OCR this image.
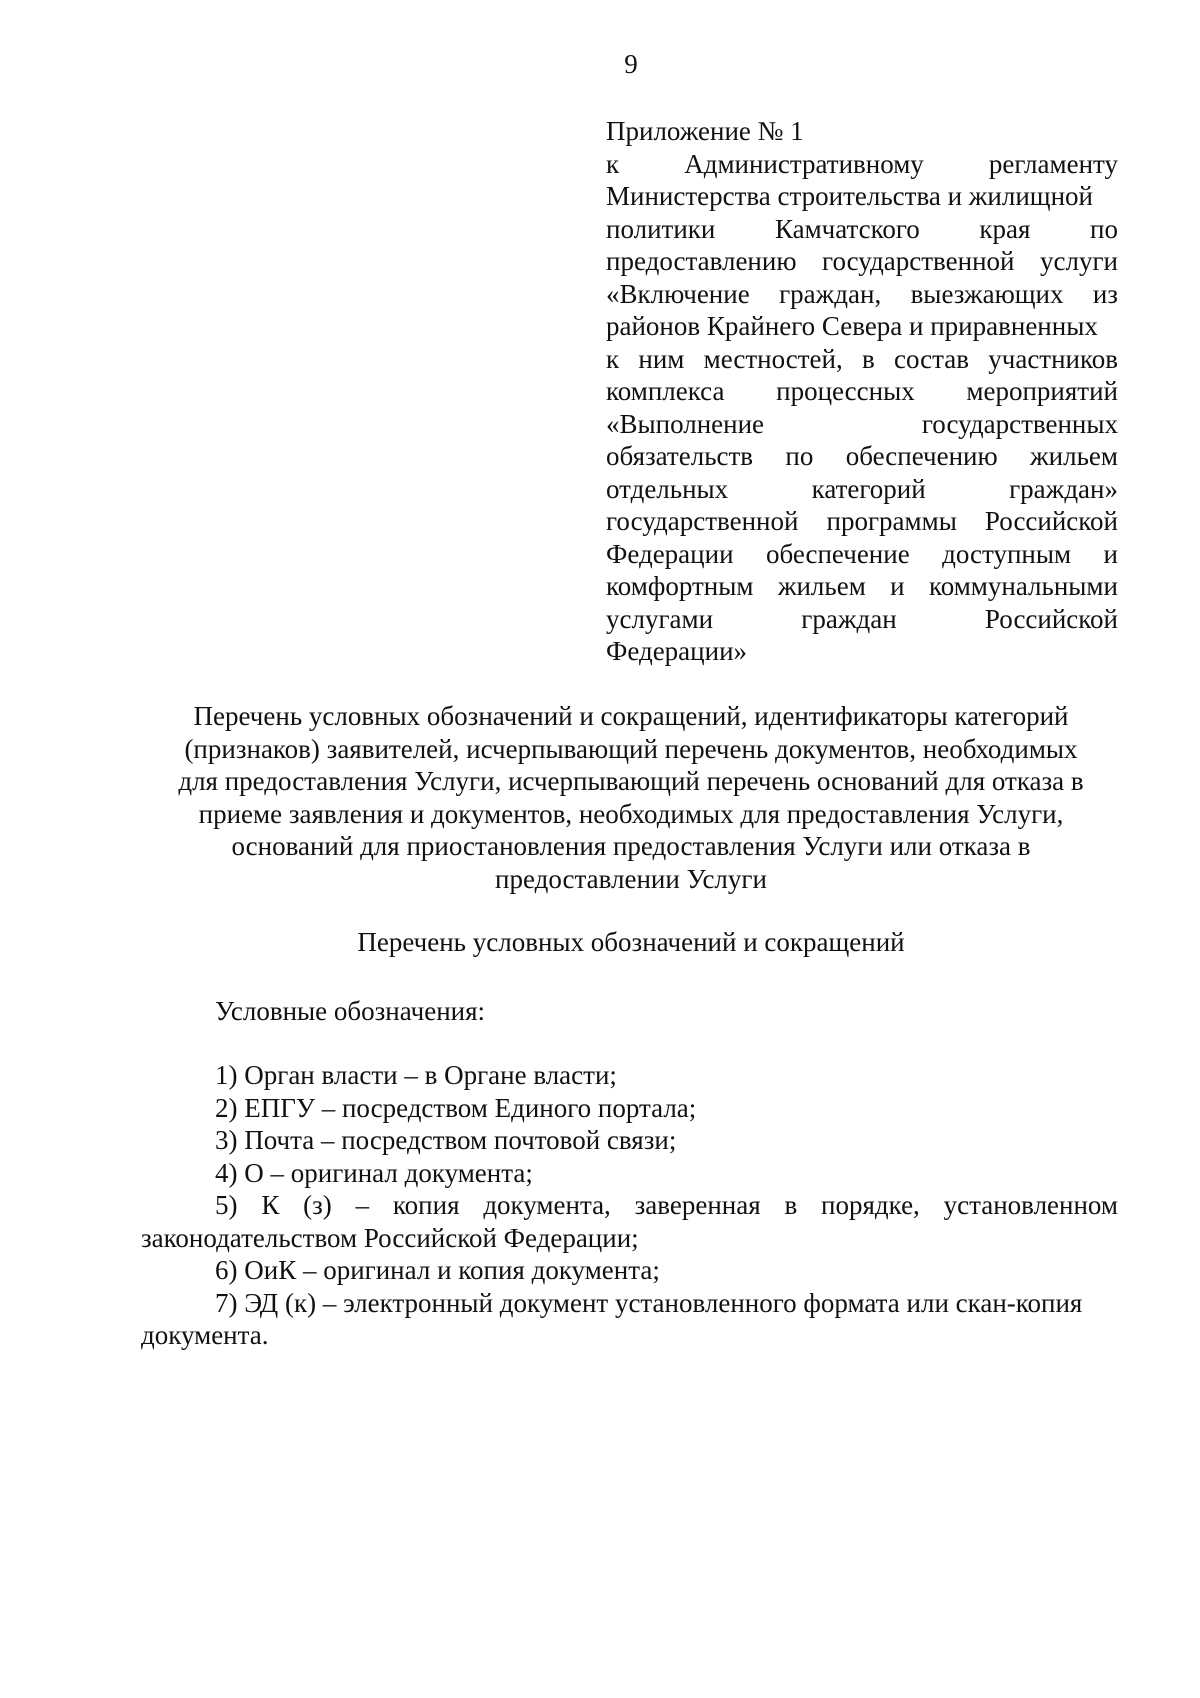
9
Приложение № 1
к Административному регламенту
Министерства строительства и жилищной
политики Камчатского края по
предоставлению государственной услуги
«Включение граждан, выезжающих из
районов Крайнего Севера и приравненных
к ним местностей, в состав участников
комплекса процессных мероприятий
«Выполнение	государственных
обязательств по обеспечению жильем
отдельных	категорий	граждан»
государственной программы Российской
Федерации обеспечение доступным и
комфортным жильем и коммунальными
услугами	граждан	Российской
Федерации»
Перечень условных обозначений и сокращений, идентификаторы категорий
(признаков) заявителей, исчерпывающий перечень документов, необходимых
для предоставления Услуги, исчерпывающий перечень оснований для отказа в
приеме заявления и документов, необходимых для предоставления Услуги,
оснований для приостановления предоставления Услуги или отказа в
предоставлении Услуги
Перечень условных обозначений и сокращений
Условные обозначения:
1) Орган власти – в Органе власти;
2) ЕПГУ – посредством Единого портала;
3) Почта – посредством почтовой связи;
4) О – оригинал документа;
5) К (з) – копия документа, заверенная в порядке, установленном
законодательством Российской Федерации;
6) ОиК – оригинал и копия документа;
7) ЭД (к) – электронный документ установленного формата или скан-копия
документа.
